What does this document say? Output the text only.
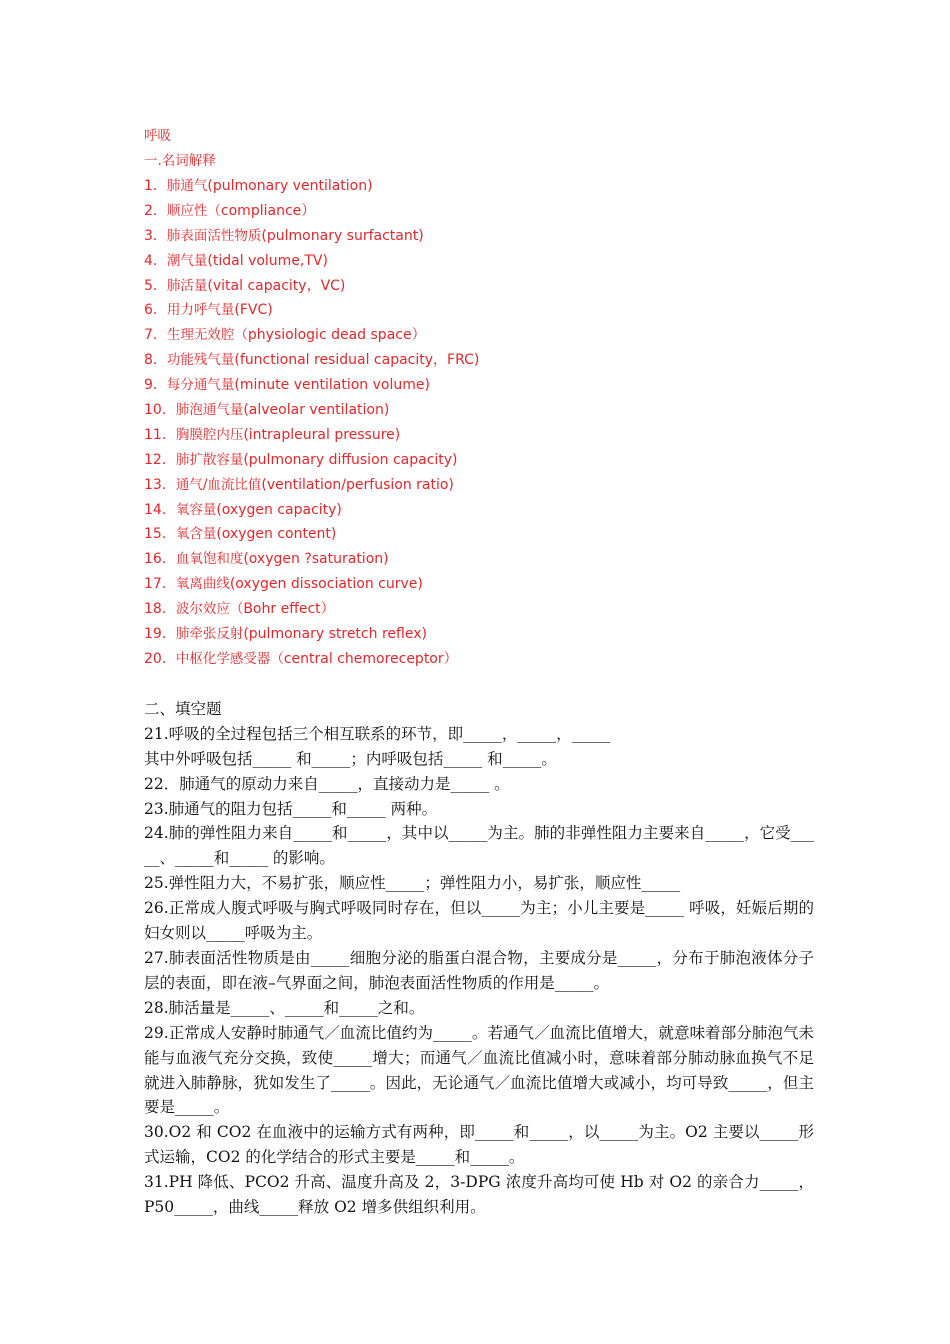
呼吸
一.名词解释
1．肺通气(pulmonary ventilation)
2．顺应性（compliance）
3．肺表面活性物质(pulmonary surfactant)
4．潮气量(tidal volume,TV)
5．肺活量(vital capacity，VC)
6．用力呼气量(FVC)
7．生理无效腔（physiologic dead space）
8．功能残气量(functional residual capacity，FRC)
9．每分通气量(minute ventilation volume)
10．肺泡通气量(alveolar ventilation)
11．胸膜腔内压(intrapleural pressure)
12．肺扩散容量(pulmonary diffusion capacity)
13．通气/血流比值(ventilation/perfusion ratio)
14．氧容量(oxygen capacity)
15．氧含量(oxygen content)
16．血氧饱和度(oxygen ?saturation)
17．氧离曲线(oxygen dissociation curve)
18．波尔效应（Bohr effect）
19．肺牵张反射(pulmonary stretch reflex)
20．中枢化学感受器（central chemoreceptor）
二、填空题
21.呼吸的全过程包括三个相互联系的环节，即_____，_____，_____
其中外呼吸包括_____ 和_____；内呼吸包括_____ 和_____。
22．肺通气的原动力来自_____，直接动力是_____ 。
23.肺通气的阻力包括_____和_____ 两种。
24.肺的弹性阻力来自_____和_____，其中以_____为主。肺的非弹性阻力主要来自_____，它受_____、_____和_____ 的影响。
25.弹性阻力大，不易扩张，顺应性_____；弹性阻力小，易扩张，顺应性_____
26.正常成人腹式呼吸与胸式呼吸同时存在，但以_____为主；小儿主要是_____ 呼吸，妊娠后期的妇女则以_____呼吸为主。
27.肺表面活性物质是由_____细胞分泌的脂蛋白混合物，主要成分是_____，分布于肺泡液体分子层的表面，即在液–气界面之间，肺泡表面活性物质的作用是_____。
28.肺活量是_____、_____和_____之和。
29.正常成人安静时肺通气／血流比值约为_____。若通气／血流比值增大，就意味着部分肺泡气未能与血液气充分交换，致使_____增大；而通气／血流比值减小时，意味着部分肺动脉血换气不足就进入肺静脉，犹如发生了_____。因此，无论通气／血流比值增大或减小，均可导致_____，但主要是_____。
30.O2 和 CO2 在血液中的运输方式有两种，即_____和_____，以_____为主。O2 主要以_____形式运输，CO2 的化学结合的形式主要是_____和_____。
31.PH 降低、PCO2 升高、温度升高及 2，3-DPG 浓度升高均可使 Hb 对 O2 的亲合力_____，P50_____，曲线_____释放 O2 增多供组织利用。
